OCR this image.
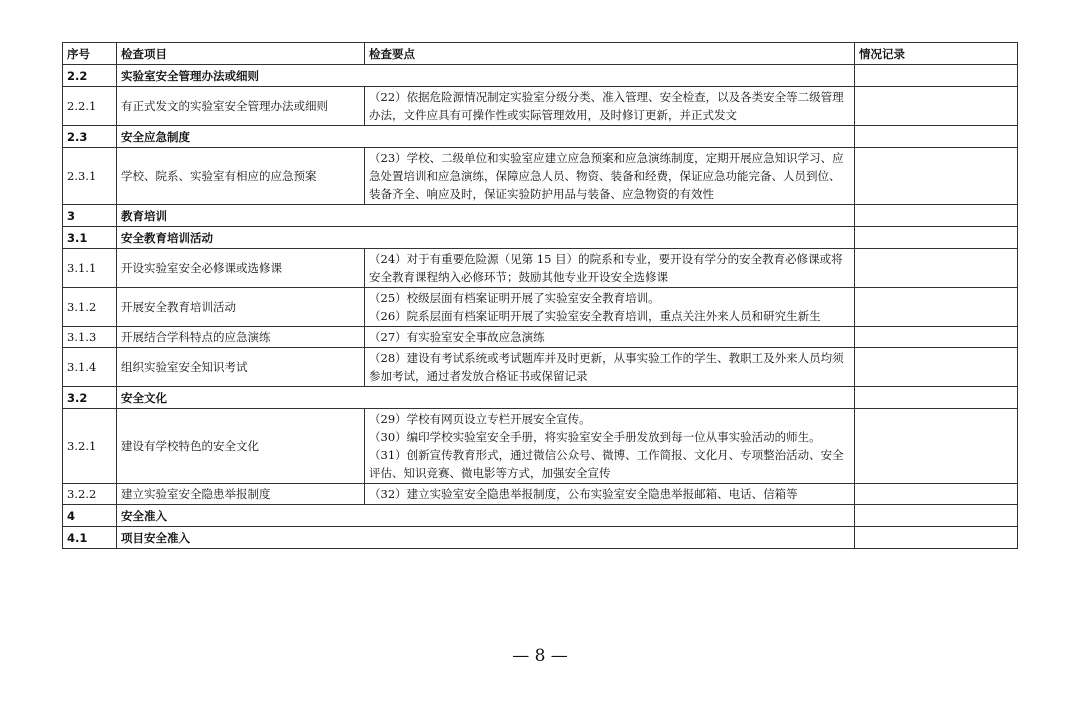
序号	检查项目	检查要点	情况记录
2.2	实验室安全管理办法或细则		
2.2.1	有正式发文的实验室安全管理办法或细则	（22）依据危险源情况制定实验室分级分类、准入管理、安全检查，以及各类安全等二级管理办法，文件应具有可操作性或实际管理效用，及时修订更新，并正式发文	

2.3	安全应急制度		
2.3.1	学校、院系、实验室有相应的应急预案	（23）学校、二级单位和实验室应建立应急预案和应急演练制度，定期开展应急知识学习、应急处置培训和应急演练，保障应急人员、物资、装备和经费，保证应急功能完备、人员到位、装备齐全、响应及时，保证实验防护用品与装备、应急物资的有效性	

3	教育培训		
3.1	安全教育培训活动		
3.1.1	开设实验室安全必修课或选修课	（24）对于有重要危险源（见第 15 目）的院系和专业，要开设有学分的安全教育必修课或将安全教育课程纳入必修环节；鼓励其他专业开设安全选修课	

3.1.2	开展安全教育培训活动	（25）校级层面有档案证明开展了实验室安全教育培训。
（26）院系层面有档案证明开展了实验室安全教育培训，重点关注外来人员和研究生新生	

3.1.3	开展结合学科特点的应急演练	（27）有实验室安全事故应急演练	

3.1.4	组织实验室安全知识考试	（28）建设有考试系统或考试题库并及时更新，从事实验工作的学生、教职工及外来人员均须参加考试，通过者发放合格证书或保留记录	

3.2	安全文化		
3.2.1	建设有学校特色的安全文化	（29）学校有网页设立专栏开展安全宣传。
（30）编印学校实验室安全手册，将实验室安全手册发放到每一位从事实验活动的师生。
（31）创新宣传教育形式，通过微信公众号、微博、工作简报、文化月、专项整治活动、安全评估、知识竞赛、微电影等方式，加强安全宣传	

3.2.2	建立实验室安全隐患举报制度	（32）建立实验室安全隐患举报制度，公布实验室安全隐患举报邮箱、电话、信箱等	

4	安全准入		
4.1	项目安全准入		
— 8 —
